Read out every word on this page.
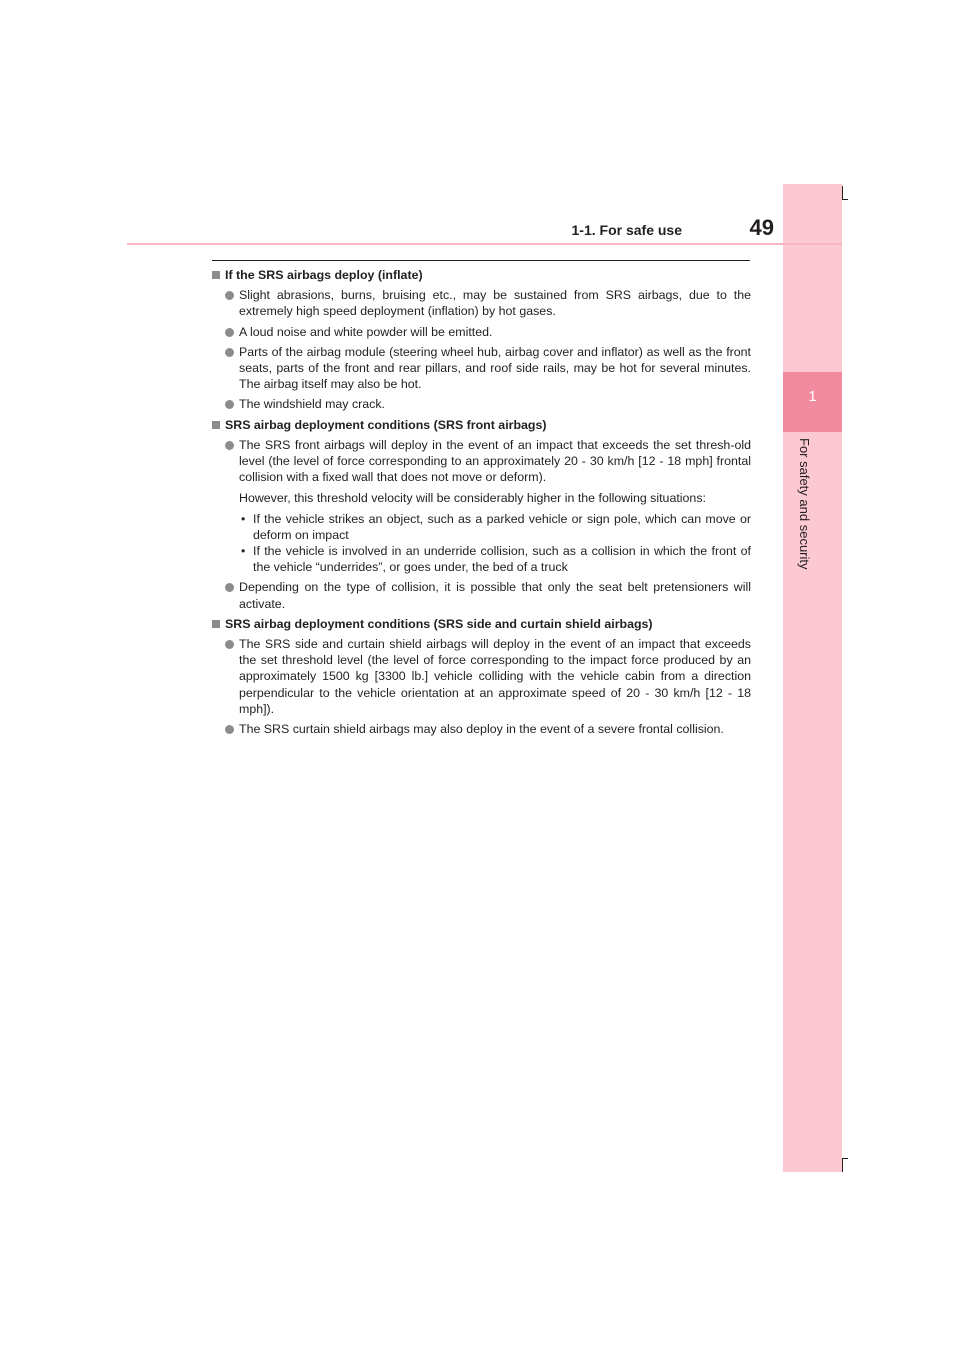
1
For safety and security
1-1. For safe use	49
If the SRS airbags deploy (inflate)

Slight abrasions, burns, bruising etc., may be sustained from SRS airbags, due to the extremely high speed deployment (inflation) by hot gases.

A loud noise and white powder will be emitted.

Parts of the airbag module (steering wheel hub, airbag cover and inflator) as well as the front seats, parts of the front and rear pillars, and roof side rails, may be hot for several minutes. The airbag itself may also be hot.

The windshield may crack.

SRS airbag deployment conditions (SRS front airbags)

The SRS front airbags will deploy in the event of an impact that exceeds the set thresh-old level (the level of force corresponding to an approximately 20 - 30 km/h [12 - 18 mph] frontal collision with a fixed wall that does not move or deform).

However, this threshold velocity will be considerably higher in the following situations:

• If the vehicle strikes an object, such as a parked vehicle or sign pole, which can move or deform on impact
• If the vehicle is involved in an underride collision, such as a collision in which the front of the vehicle “underrides”, or goes under, the bed of a truck

Depending on the type of collision, it is possible that only the seat belt pretensioners will activate.

SRS airbag deployment conditions (SRS side and curtain shield airbags)

The SRS side and curtain shield airbags will deploy in the event of an impact that exceeds the set threshold level (the level of force corresponding to the impact force produced by an approximately 1500 kg [3300 lb.] vehicle colliding with the vehicle cabin from a direction perpendicular to the vehicle orientation at an approximate speed of 20 - 30 km/h [12 - 18 mph]).

The SRS curtain shield airbags may also deploy in the event of a severe frontal collision.
